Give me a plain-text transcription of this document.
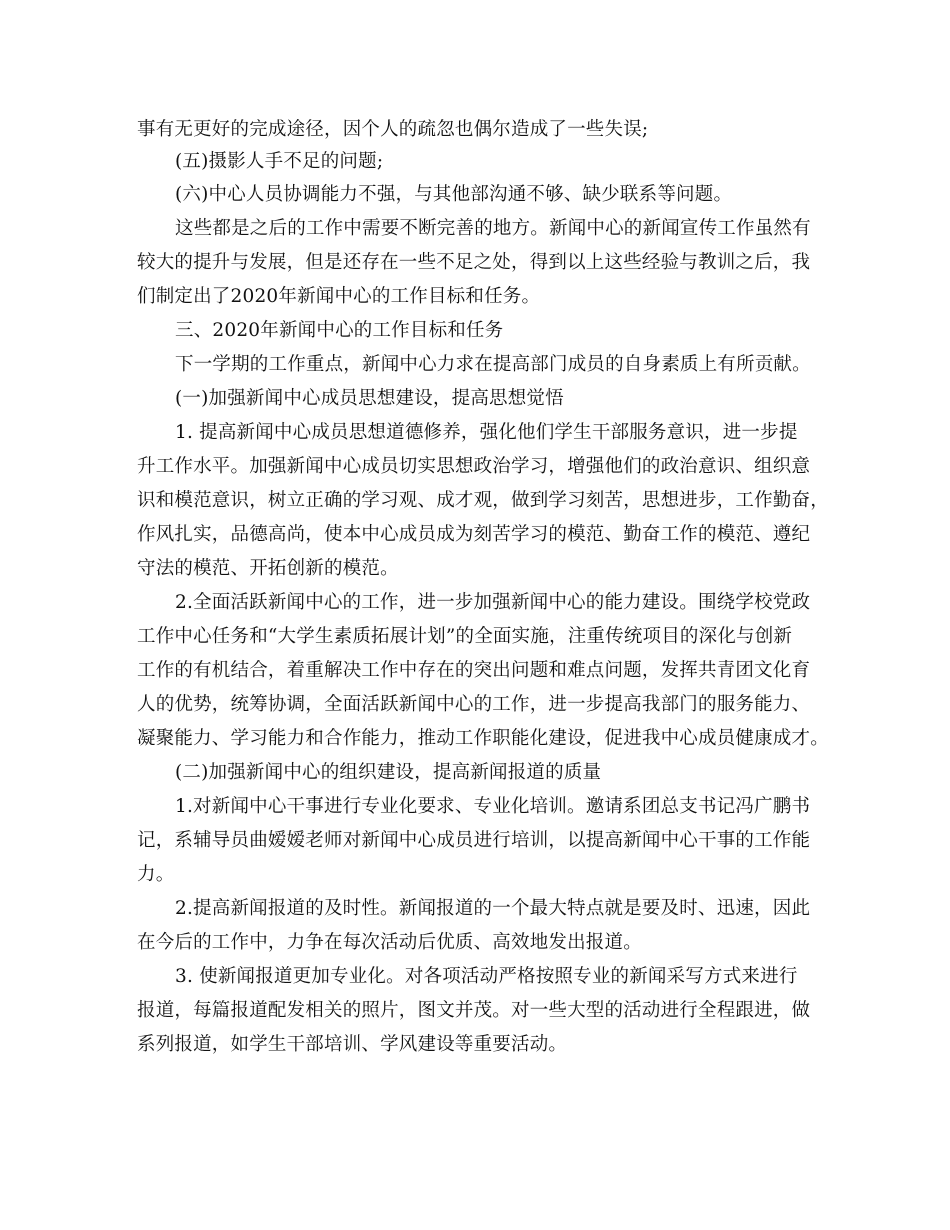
事有无更好的完成途径，因个人的疏忽也偶尔造成了一些失误;
(五)摄影人手不足的问题;
(六)中心人员协调能力不强，与其他部沟通不够、缺少联系等问题。
这些都是之后的工作中需要不断完善的地方。新闻中心的新闻宣传工作虽然有
较大的提升与发展，但是还存在一些不足之处，得到以上这些经验与教训之后，我
们制定出了2020年新闻中心的工作目标和任务。
三、2020年新闻中心的工作目标和任务
下一学期的工作重点，新闻中心力求在提高部门成员的自身素质上有所贡献。
(一)加强新闻中心成员思想建设，提高思想觉悟
1. 提高新闻中心成员思想道德修养，强化他们学生干部服务意识，进一步提
升工作水平。加强新闻中心成员切实思想政治学习，增强他们的政治意识、组织意
识和模范意识，树立正确的学习观、成才观，做到学习刻苦，思想进步，工作勤奋，
作风扎实，品德高尚，使本中心成员成为刻苦学习的模范、勤奋工作的模范、遵纪
守法的模范、开拓创新的模范。
2.全面活跃新闻中心的工作，进一步加强新闻中心的能力建设。围绕学校党政
工作中心任务和“大学生素质拓展计划”的全面实施，注重传统项目的深化与创新
工作的有机结合，着重解决工作中存在的突出问题和难点问题，发挥共青团文化育
人的优势，统筹协调，全面活跃新闻中心的工作，进一步提高我部门的服务能力、
凝聚能力、学习能力和合作能力，推动工作职能化建设，促进我中心成员健康成才。
(二)加强新闻中心的组织建设，提高新闻报道的质量
1.对新闻中心干事进行专业化要求、专业化培训。邀请系团总支书记冯广鹏书
记，系辅导员曲嫒嫒老师对新闻中心成员进行培训，以提高新闻中心干事的工作能
力。
2.提高新闻报道的及时性。新闻报道的一个最大特点就是要及时、迅速，因此
在今后的工作中，力争在每次活动后优质、高效地发出报道。
3. 使新闻报道更加专业化。对各项活动严格按照专业的新闻采写方式来进行
报道，每篇报道配发相关的照片，图文并茂。对一些大型的活动进行全程跟进，做
系列报道，如学生干部培训、学风建设等重要活动。
